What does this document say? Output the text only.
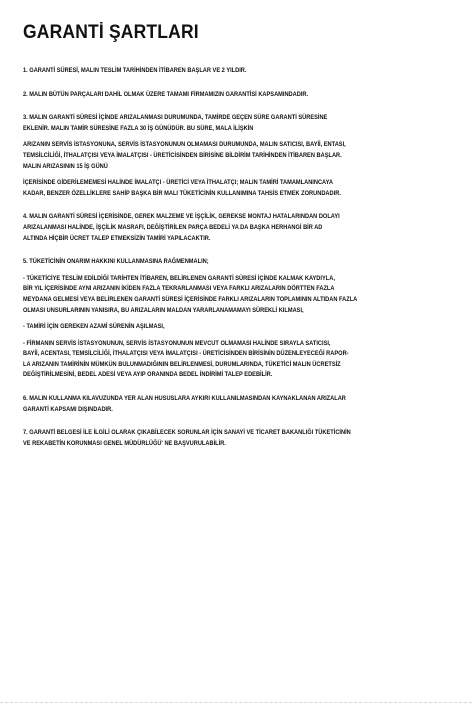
GARANTİ ŞARTLARI
1. GARANTİ SÜRESİ, MALIN TESLİM TARİHİNDEN İTİBAREN BAŞLAR VE 2 YILDIR.
2. MALIN BÜTÜN PARÇALARI DAHİL OLMAK ÜZERE TAMAMI FİRMAMIZIN GARANTİSİ KAPSAMINDADIR.
3. MALIN GARANTİ SÜRESİ İÇİNDE ARIZALANMASI DURUMUNDA, TAMİRDE GEÇEN SÜRE GARANTİ SÜRESİNE
EKLENİR. MALIN TAMİR SÜRESİNE FAZLA 30 İŞ GÜNÜDÜR. BU SÜRE, MALA İLİŞKİN
ARIZANIN SERVİS İSTASYONUNA, SERVİS İSTASYONUNUN OLMAMASI DURUMUNDA, MALIN SATICISI, BAYİİ, ENTASI,
TEMSİLCİLİĞİ, İTHALATÇISI VEYA İMALATÇISI - ÜRETİCİSİNDEN BİRİSİNE BİLDİRİM TARİHİNDEN İTİBAREN BAŞLAR.
MALIN ARIZASININ 15 İŞ GÜNÜ
İÇERİSİNDE GİDERİLEMEMESİ HALİNDE İMALATÇI - ÜRETİCİ VEYA İTHALATÇI; MALIN TAMİRİ TAMAMLANINCAYA
KADAR, BENZER ÖZELLİKLERE SAHİP BAŞKA BİR MALI TÜKETİCİNİN KULLANIMINA TAHSİS ETMEK ZORUNDADIR.
4. MALIN GARANTİ SÜRESİ İÇERİSİNDE, GEREK MALZEME VE İŞÇİLİK, GEREKSE MONTAJ HATALARINDAN DOLAYI
ARIZALANMASI HALİNDE, İŞÇİLİK MASRAFI, DEĞİŞTİRİLEN PARÇA BEDELİ YA DA BAŞKA HERHANGİ BİR AD
ALTINDA HİÇBİR ÜCRET TALEP ETMEKSİZİN TAMİRİ YAPILACAKTIR.
5. TÜKETİCİNİN ONARIM HAKKINI KULLANMASINA RAĞMENMALIN;
- TÜKETİCİYE TESLİM EDİLDİĞİ TARİHTEN İTİBAREN, BELİRLENEN GARANTİ SÜRESİ İÇİNDE KALMAK KAYDIYLA,
BİR YIL İÇERİSİNDE AYNI ARIZANIN İKİDEN FAZLA TEKRARLANMASI VEYA FARKLI ARIZALARIN DÖRTTEN FAZLA
MEYDANA GELMESİ VEYA BELİRLENEN GARANTİ SÜRESİ İÇERİSİNDE FARKLI ARIZALARIN TOPLAMININ ALTIDAN FAZLA
OLMASI UNSURLARININ YANISIRA, BU ARIZALARIN MALDAN YARARLANAMAMAYI SÜREKLİ KILMASI,
- TAMİRİ İÇİN GEREKEN AZAMİ SÜRENİN AŞILMASI,
- FİRMANIN SERVİS İSTASYONUNUN, SERVİS İSTASYONUNUN MEVCUT OLMAMASI HALİNDE SIRAYLA SATICISI,
BAYİİ, ACENTASI, TEMSİLCİLİĞİ, İTHALATÇISI VEYA İMALATÇISI - ÜRETİCİSİNDEN BİRİSİNİN DÜZENLEYECEĞİ RAPOR-
LA ARIZANIN TAMİRİNİN MÜMKÜN BULUNMADIĞININ BELİRLENMESİ, DURUMLARINDA, TÜKETİCİ MALIN ÜCRETSİZ
DEĞİŞTİRİLMESİNİ, BEDEL ADESİ VEYA AYIP ORANINDA BEDEL İNDİRİMİ TALEP EDEBİLİR.
6. MALIN KULLANMA KILAVUZUNDA YER ALAN HUSUSLARA AYKIRI KULLANILMASINDAN KAYNAKLANAN ARIZALAR
GARANTİ KAPSAMI DIŞINDADIR.
7. GARANTİ BELGESİ İLE İLGİLİ OLARAK ÇIKABİLECEK SORUNLAR İÇİN SANAYİ VE TİCARET BAKANLIĞI TÜKETİCİNİN
VE REKABETİN KORUNMASI GENEL MÜDÜRLÜĞÜ' NE BAŞVURULABİLİR.
